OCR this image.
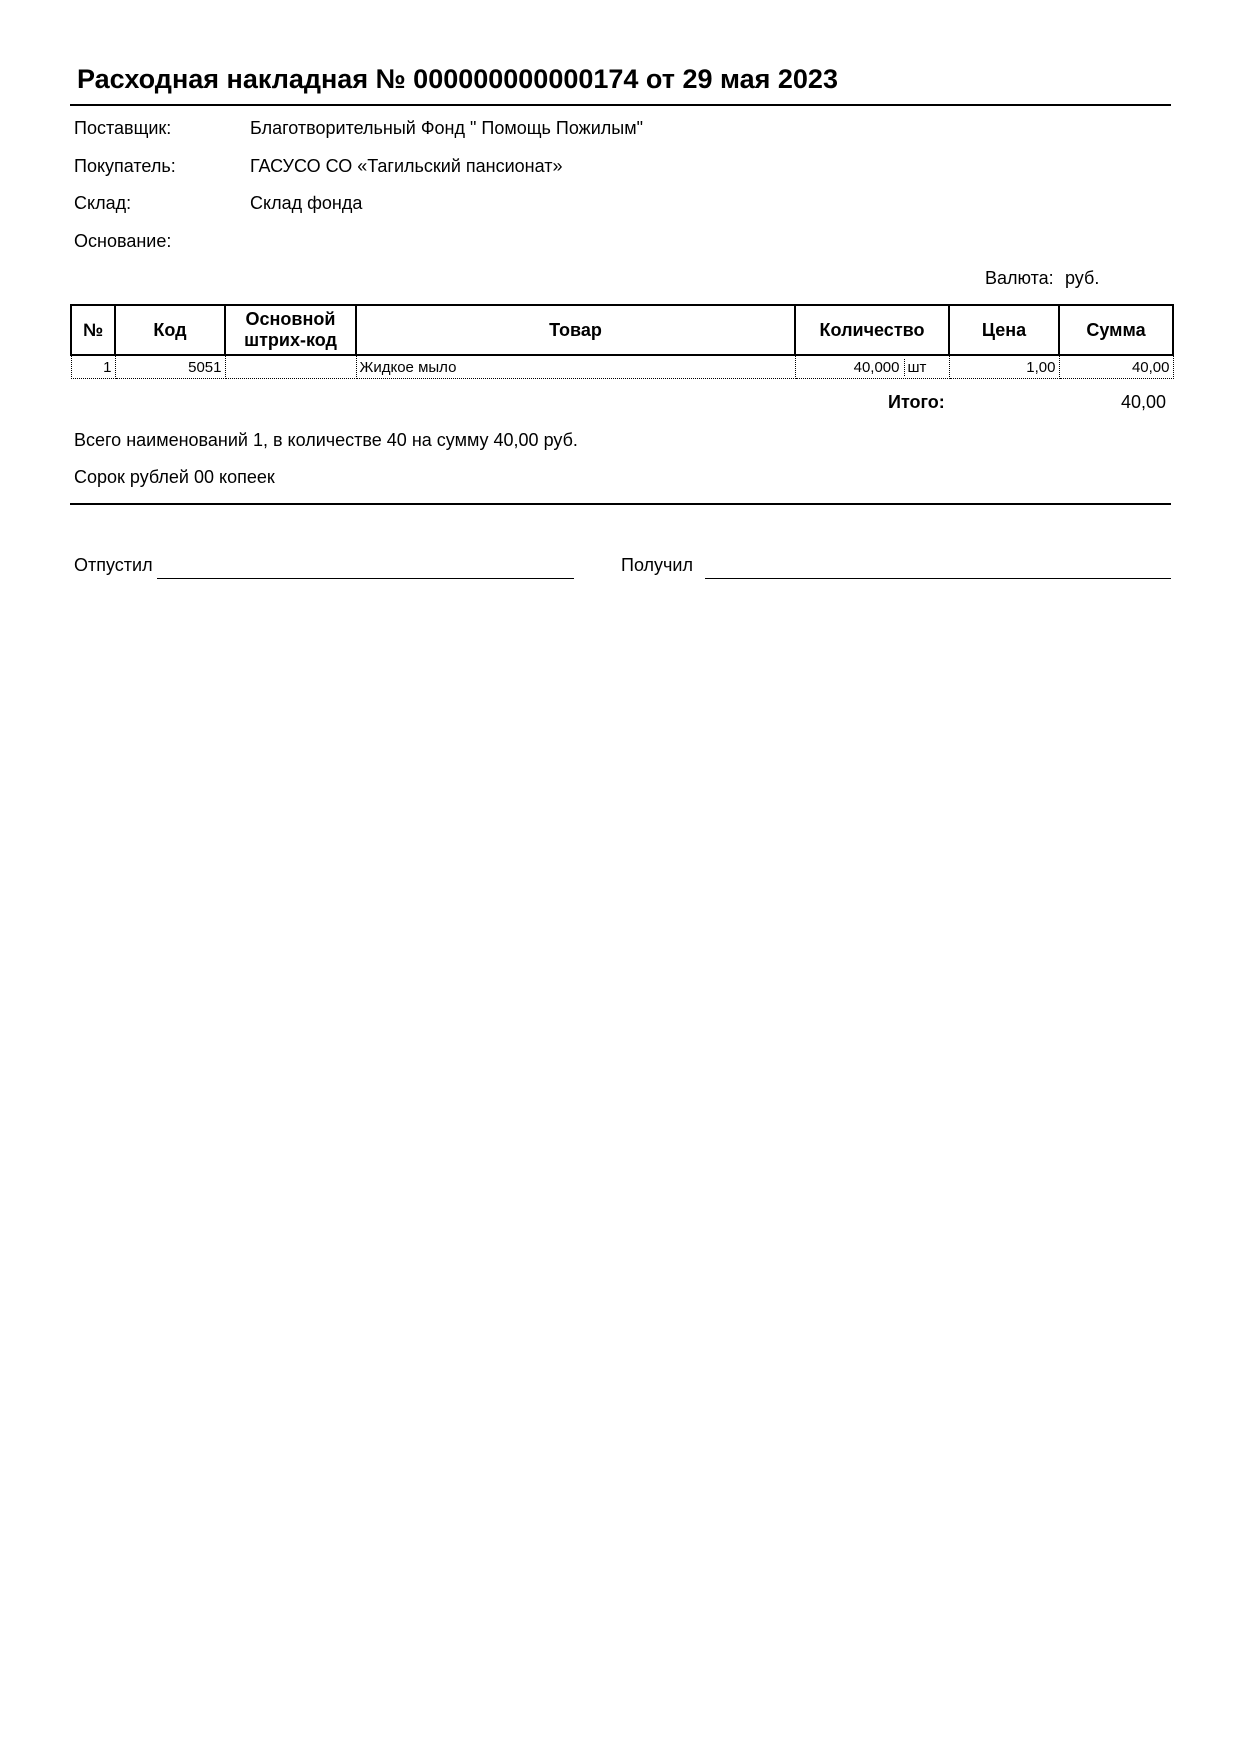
Расходная накладная № 000000000000174 от 29 мая 2023
Поставщик:	Благотворительный Фонд " Помощь Пожилым"
Покупатель:	ГАСУСО СО «Тагильский пансионат»
Склад:	Склад фонда
Основание:
Валюта: руб.
№	Код	Основной штрих-код	Товар	Количество	Цена	Сумма
1	5051		Жидкое мыло	40,000 шт	1,00	40,00
Итого:	40,00
Всего наименований 1, в количестве 40 на сумму 40,00 руб.
Сорок рублей 00 копеек
Отпустил	Получил
